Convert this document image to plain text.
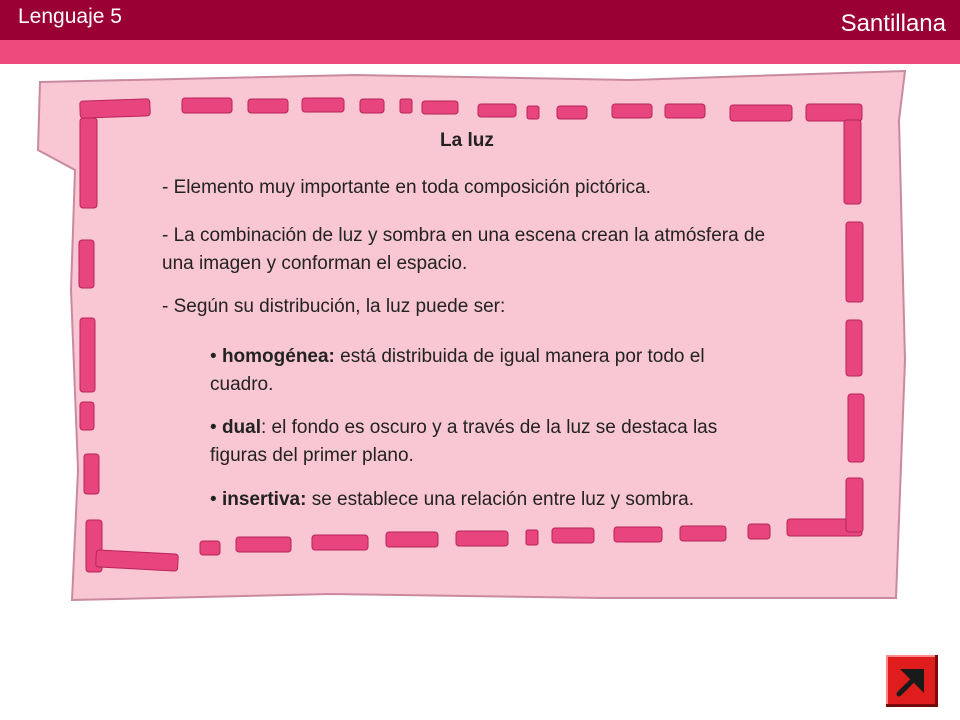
Lenguaje 5	Santillana
La luz
- Elemento muy importante en toda composición pictórica.
- La combinación de luz y sombra en una escena crean la atmósfera de una imagen y conforman el espacio.
- Según su distribución, la luz puede ser:
• homogénea: está distribuida de igual manera por todo el cuadro.
• dual: el fondo es oscuro y a través de la luz se destaca las figuras del primer plano.
• insertiva: se establece una relación entre luz y sombra.
